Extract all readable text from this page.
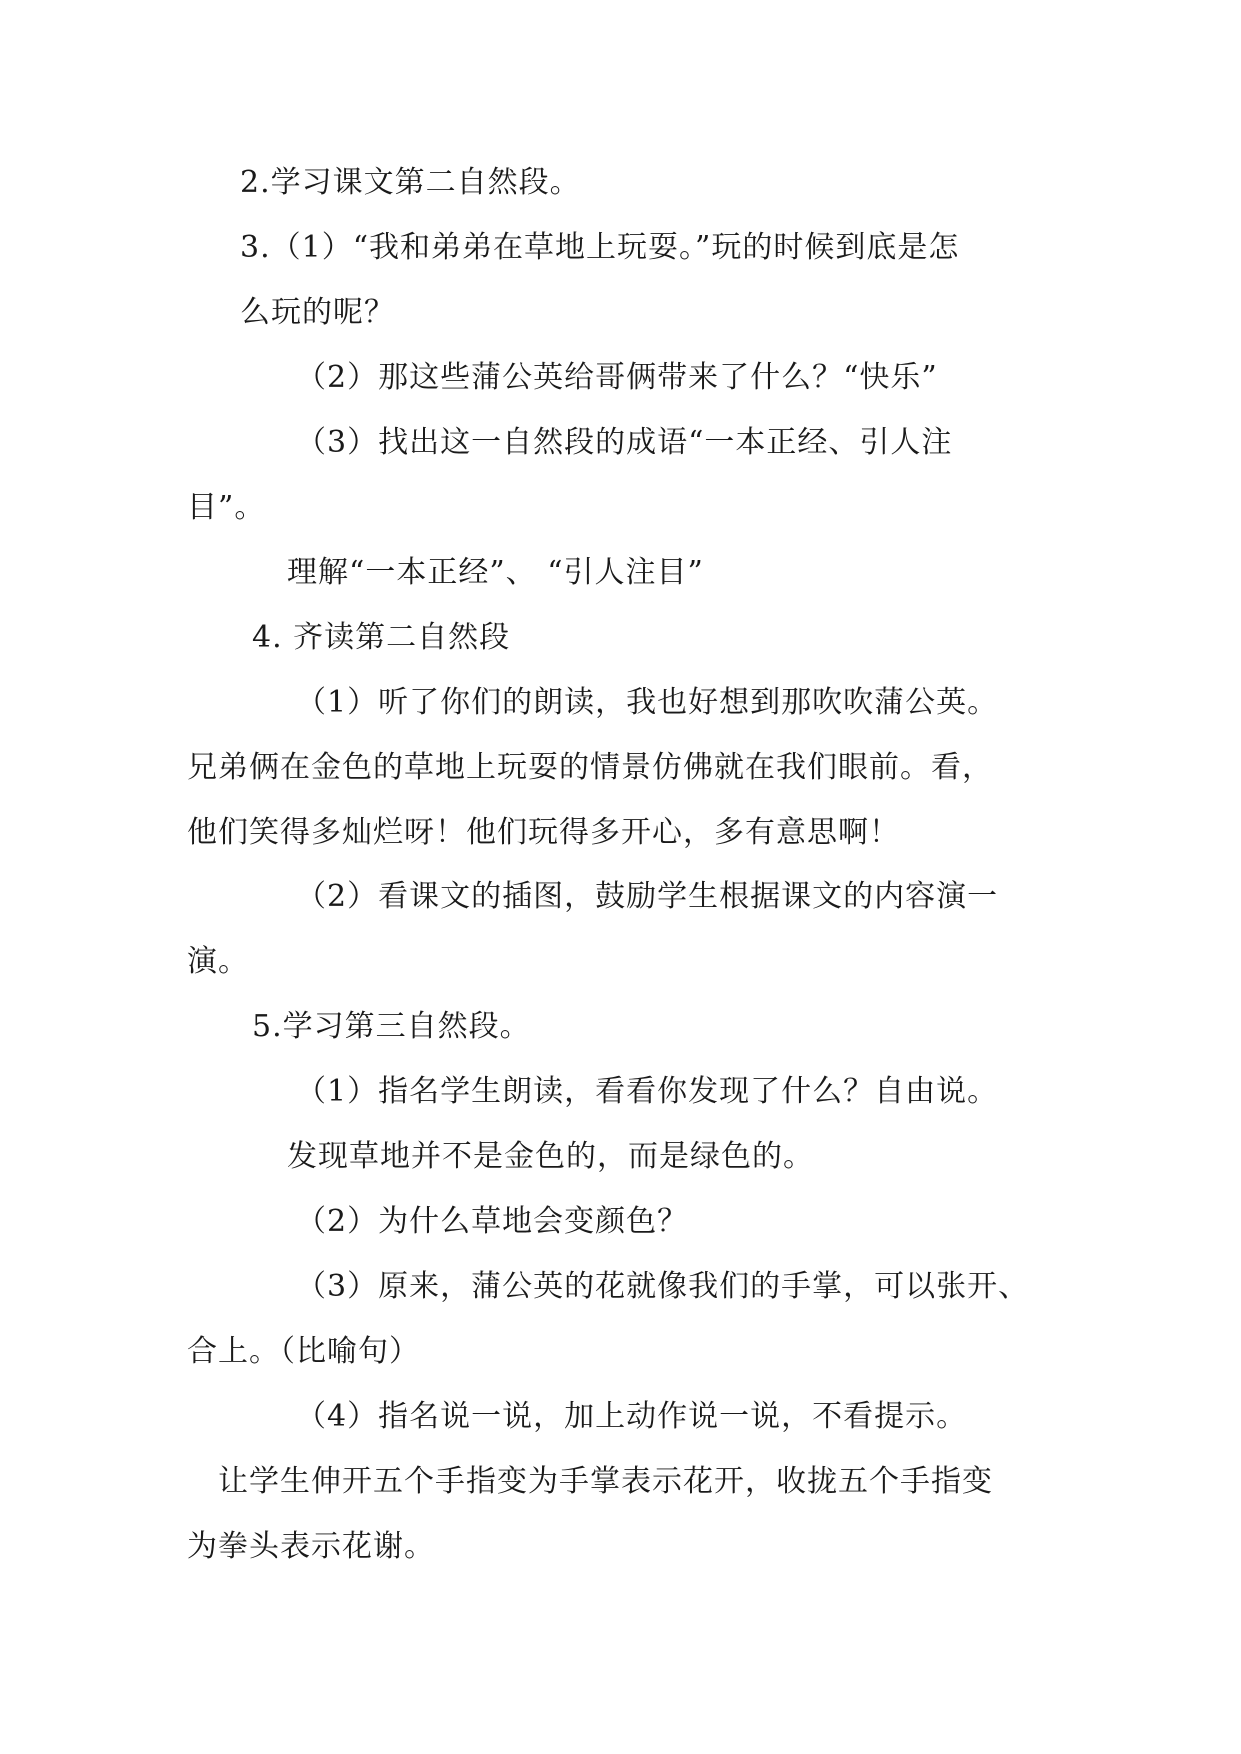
2.学习课文第二自然段。
3.（1）“我和弟弟在草地上玩耍。”玩的时候到底是怎
么玩的呢？
（2）那这些蒲公英给哥俩带来了什么？“快乐”
（3）找出这一自然段的成语“一本正经、引人注
目”。
理解“一本正经”、 “引人注目”
4. 齐读第二自然段
（1）听了你们的朗读，我也好想到那吹吹蒲公英。
兄弟俩在金色的草地上玩耍的情景仿佛就在我们眼前。看，
他们笑得多灿烂呀！他们玩得多开心，多有意思啊！
（2）看课文的插图，鼓励学生根据课文的内容演一
演。
5.学习第三自然段。
（1）指名学生朗读，看看你发现了什么？自由说。
发现草地并不是金色的，而是绿色的。
（2）为什么草地会变颜色？
（3）原来，蒲公英的花就像我们的手掌，可以张开、
合上。（比喻句）
（4）指名说一说，加上动作说一说，不看提示。
让学生伸开五个手指变为手掌表示花开，收拢五个手指变
为拳头表示花谢。
